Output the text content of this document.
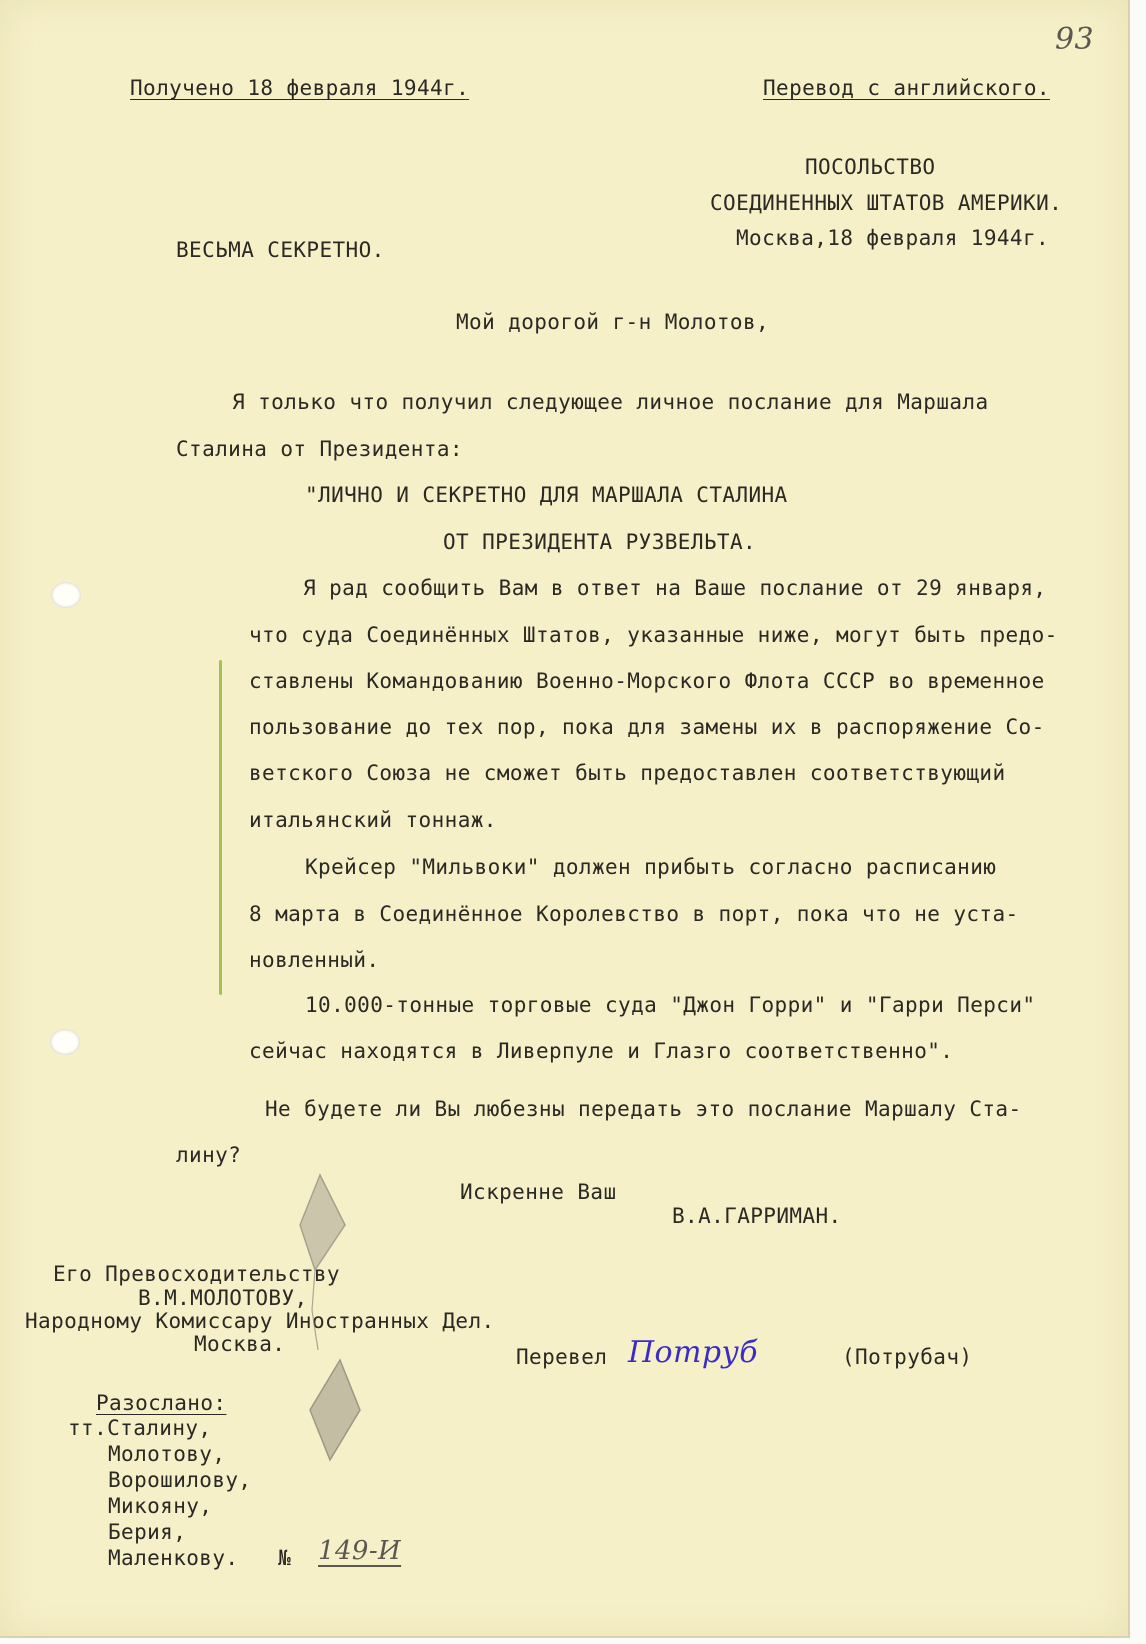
93
Получено 18 февраля 1944г.	Перевод с английского.
ПОСОЛЬСТВО
СОЕДИНЕННЫХ ШТАТОВ АМЕРИКИ.
Москва,18 февраля 1944г.
ВЕСЬМА СЕКРЕТНО.
Мой дорогой г-н Молотов,
Я только что получил следующее личное послание для Маршала
Сталина от Президента:
"ЛИЧНО И СЕКРЕТНО ДЛЯ МАРШАЛА СТАЛИНА
ОТ ПРЕЗИДЕНТА РУЗВЕЛЬТА.
Я рад сообщить Вам в ответ на Ваше послание от 29 января,
что суда Соединённых Штатов, указанные ниже, могут быть предо-
ставлены Командованию Военно-Морского Флота СССР во временное
пользование до тех пор, пока для замены их в распоряжение Со-
ветского Союза не сможет быть предоставлен соответствующий
итальянский тоннаж.
Крейсер "Мильвоки" должен прибыть согласно расписанию
8 марта в Соединённое Королевство в порт, пока что не уста-
новленный.
10.000-тонные торговые суда "Джон Горри" и "Гарри Перси"
сейчас находятся в Ливерпуле и Глазго соответственно".
Не будете ли Вы любезны передать это послание Маршалу Ста-
лину?
Искренне Ваш
В.А.ГАРРИМАН.
Его Превосходительству
В.М.МОЛОТОВУ,
Народному Комиссару Иностранных Дел.
Москва.
Перевел Потруб	(Потрубач)
Разослано:
тт.Сталину,
Молотову,
Ворошилову,
Микояну,
Берия,
Маленкову. № 149-И
